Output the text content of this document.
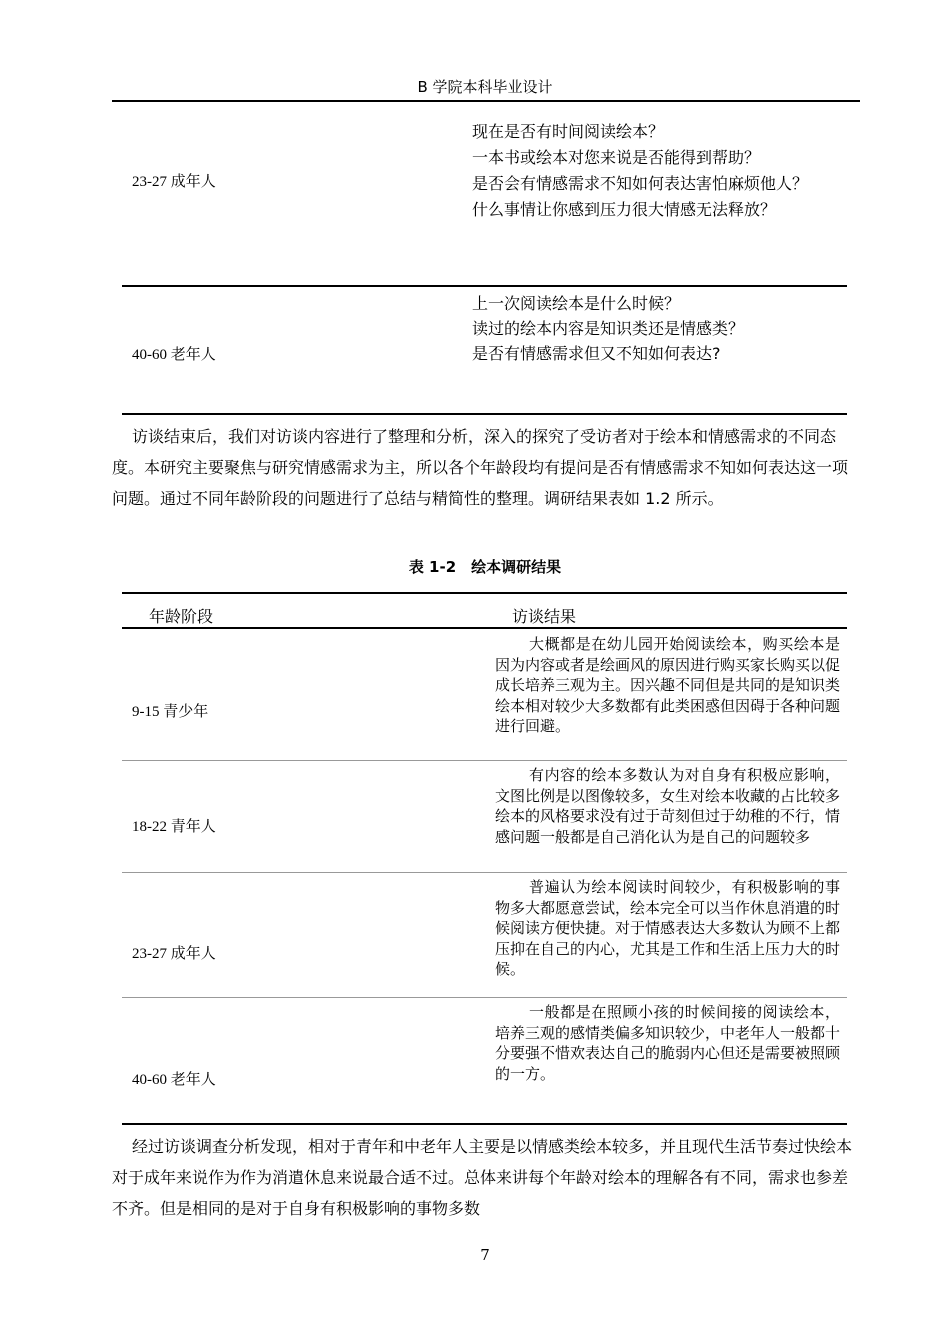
B 学院本科毕业设计
23-27 成年人
现在是否有时间阅读绘本？
一本书或绘本对您来说是否能得到帮助？
是否会有情感需求不知如何表达害怕麻烦他人？
什么事情让你感到压力很大情感无法释放？
40-60 老年人
上一次阅读绘本是什么时候？
读过的绘本内容是知识类还是情感类？
是否有情感需求但又不知如何表达?
访谈结束后，我们对访谈内容进行了整理和分析，深入的探究了受访者对于绘本和情感需求的不同态度。本研究主要聚焦与研究情感需求为主，所以各个年龄段均有提问是否有情感需求不知如何表达这一项问题。通过不同年龄阶段的问题进行了总结与精简性的整理。调研结果表如 1.2 所示。
表 1-2　绘本调研结果
年龄阶段	访谈结果
9-15 青少年
大概都是在幼儿园开始阅读绘本，购买绘本是因为内容或者是绘画风的原因进行购买家长购买以促成长培养三观为主。因兴趣不同但是共同的是知识类绘本相对较少大多数都有此类困惑但因碍于各种问题进行回避。
18-22 青年人
有内容的绘本多数认为对自身有积极应影响，文图比例是以图像较多，女生对绘本收藏的占比较多绘本的风格要求没有过于苛刻但过于幼稚的不行，情感问题一般都是自己消化认为是自己的问题较多
23-27 成年人
普遍认为绘本阅读时间较少，有积极影响的事物多大都愿意尝试，绘本完全可以当作休息消遣的时候阅读方便快捷。对于情感表达大多数认为顾不上都压抑在自己的内心，尤其是工作和生活上压力大的时候。
40-60 老年人
一般都是在照顾小孩的时候间接的阅读绘本，培养三观的感情类偏多知识较少，中老年人一般都十分要强不惜欢表达自己的脆弱内心但还是需要被照顾的一方。
经过访谈调查分析发现，相对于青年和中老年人主要是以情感类绘本较多，并且现代生活节奏过快绘本对于成年来说作为作为消遣休息来说最合适不过。总体来讲每个年龄对绘本的理解各有不同，需求也参差不齐。但是相同的是对于自身有积极影响的事物多数
7
